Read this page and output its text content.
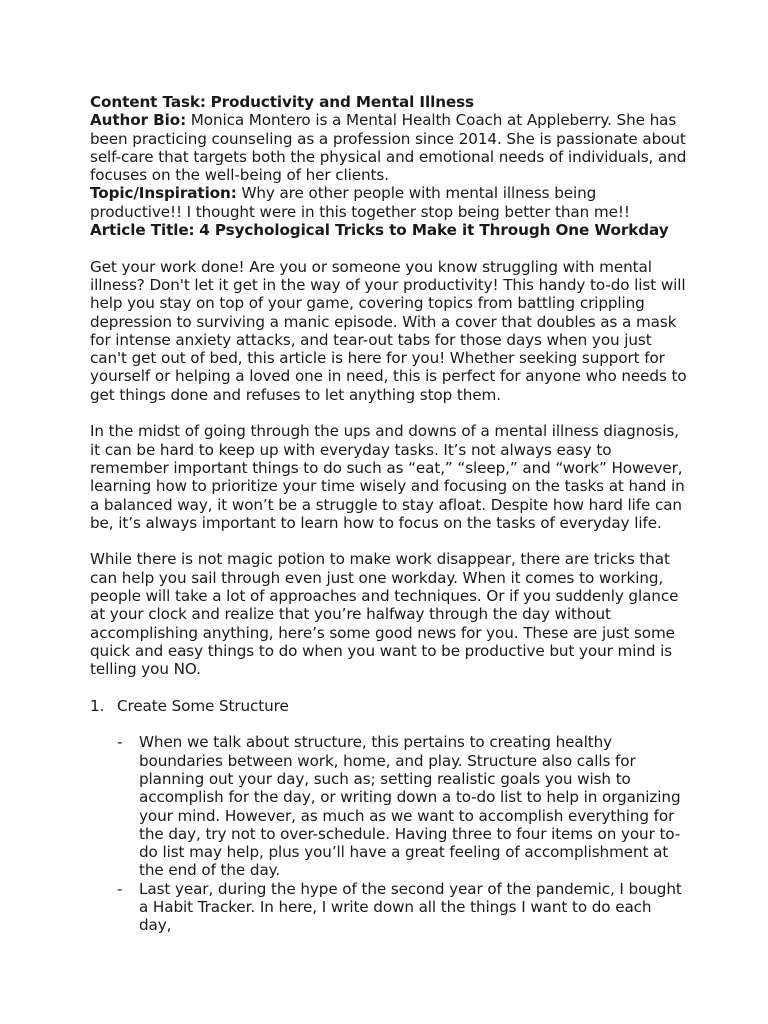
Content Task: Productivity and Mental Illness

Author Bio: Monica Montero is a Mental Health Coach at Appleberry. She has been practicing counseling as a profession since 2014. She is passionate about self-care that targets both the physical and emotional needs of individuals, and focuses on the well-being of her clients.

Topic/Inspiration: Why are other people with mental illness being productive!! I thought were in this together stop being better than me!!

Article Title: 4 Psychological Tricks to Make it Through One Workday

Get your work done! Are you or someone you know struggling with mental illness? Don't let it get in the way of your productivity! This handy to-do list will help you stay on top of your game, covering topics from battling crippling depression to surviving a manic episode. With a cover that doubles as a mask for intense anxiety attacks, and tear-out tabs for those days when you just can't get out of bed, this article is here for you! Whether seeking support for yourself or helping a loved one in need, this is perfect for anyone who needs to get things done and refuses to let anything stop them.

In the midst of going through the ups and downs of a mental illness diagnosis, it can be hard to keep up with everyday tasks. It’s not always easy to remember important things to do such as “eat,” “sleep,” and “work” However, learning how to prioritize your time wisely and focusing on the tasks at hand in a balanced way, it won’t be a struggle to stay afloat. Despite how hard life can be, it’s always important to learn how to focus on the tasks of everyday life.

While there is not magic potion to make work disappear, there are tricks that can help you sail through even just one workday. When it comes to working, people will take a lot of approaches and techniques. Or if you suddenly glance at your clock and realize that you’re halfway through the day without accomplishing anything, here’s some good news for you. These are just some quick and easy things to do when you want to be productive but your mind is telling you NO.

1. Create Some Structure
-	When we talk about structure, this pertains to creating healthy boundaries between work, home, and play. Structure also calls for planning out your day, such as; setting realistic goals you wish to accomplish for the day, or writing down a to-do list to help in organizing your mind. However, as much as we want to accomplish everything for the day, try not to over-schedule. Having three to four items on your to-do list may help, plus you’ll have a great feeling of accomplishment at the end of the day.
-	Last year, during the hype of the second year of the pandemic, I bought a Habit Tracker. In here, I write down all the things I want to do each day,
